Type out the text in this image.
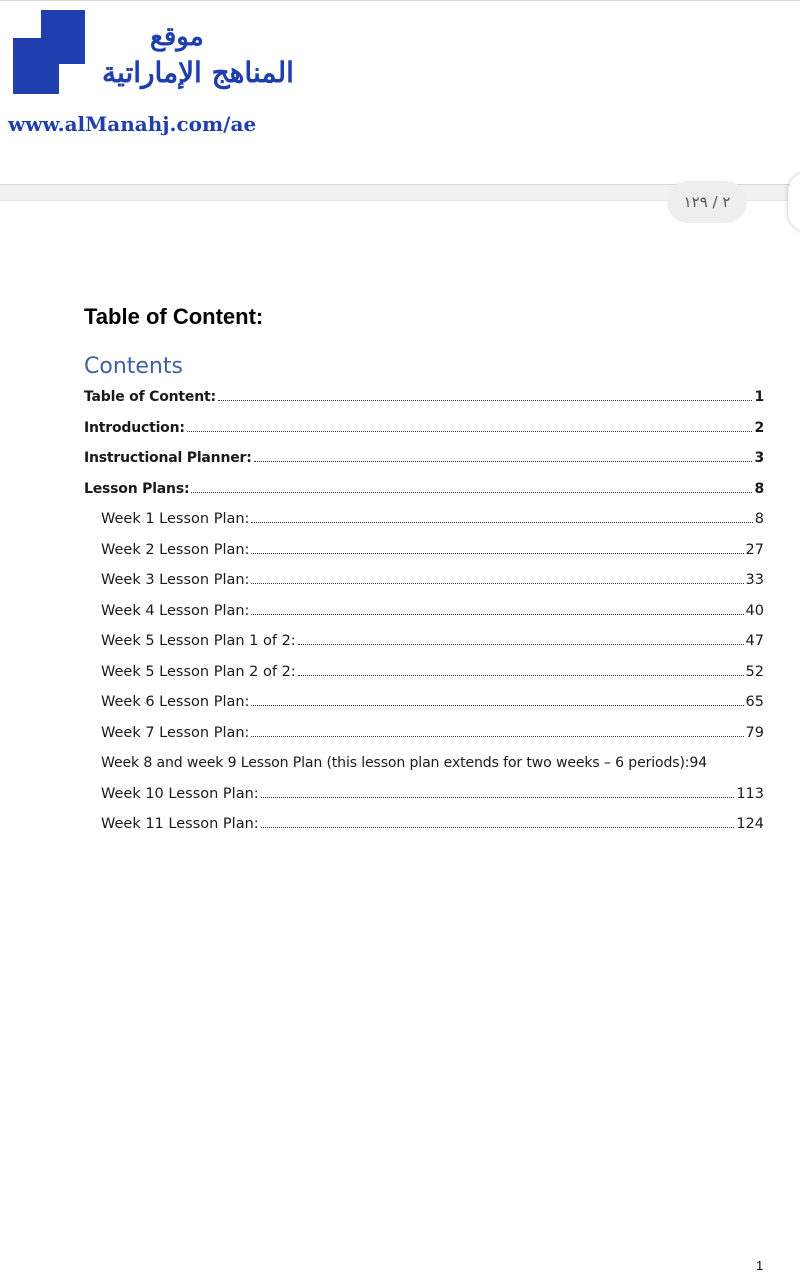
موقع
المناهج الإماراتية
www.alManahj.com/ae
٢ / ١٢٩
Table of Content:
Contents
Table of Content:	1
Introduction:	2
Instructional Planner:	3
Lesson Plans:	8
Week 1 Lesson Plan:	8
Week 2 Lesson Plan:	27
Week 3 Lesson Plan:	33
Week 4 Lesson Plan:	40
Week 5 Lesson Plan 1 of 2:	47
Week 5 Lesson Plan 2 of 2:	52
Week 6 Lesson Plan:	65
Week 7 Lesson Plan:	79
Week 8 and week 9 Lesson Plan (this lesson plan extends for two weeks – 6 periods): 94
Week 10 Lesson Plan:	113
Week 11 Lesson Plan:	124
1
